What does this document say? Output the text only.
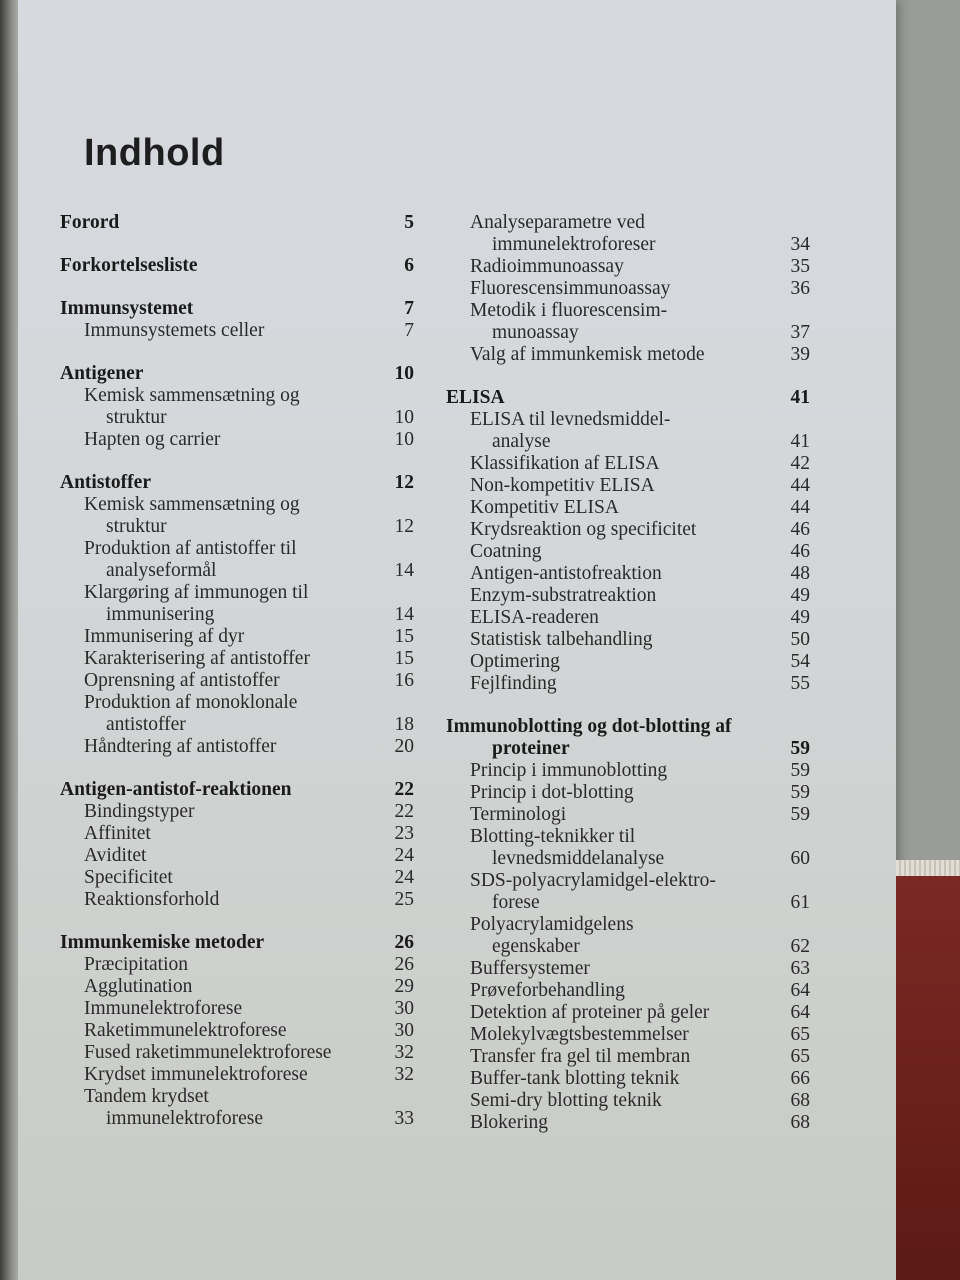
Indhold
Forord	5
Forkortelsesliste	6
Immunsystemet	7
Immunsystemets celler	7
Antigener	10
Kemisk sammensætning og
struktur	10
Hapten og carrier	10
Antistoffer	12
Kemisk sammensætning og
struktur	12
Produktion af antistoffer til
analyseformål	14
Klargøring af immunogen til
immunisering	14
Immunisering af dyr	15
Karakterisering af antistoffer	15
Oprensning af antistoffer	16
Produktion af monoklonale
antistoffer	18
Håndtering af antistoffer	20
Antigen-antistof-reaktionen	22
Bindingstyper	22
Affinitet	23
Aviditet	24
Specificitet	24
Reaktionsforhold	25
Immunkemiske metoder	26
Præcipitation	26
Agglutination	29
Immunelektroforese	30
Raketimmunelektroforese	30
Fused raketimmunelektroforese	32
Krydset immunelektroforese	32
Tandem krydset
immunelektroforese	33
Analyseparametre ved
immunelektroforeser	34
Radioimmunoassay	35
Fluorescensimmunoassay	36
Metodik i fluorescensim-
munoassay	37
Valg af immunkemisk metode	39
ELISA	41
ELISA til levnedsmiddel-
analyse	41
Klassifikation af ELISA	42
Non-kompetitiv ELISA	44
Kompetitiv ELISA	44
Krydsreaktion og specificitet	46
Coatning	46
Antigen-antistofreaktion	48
Enzym-substratreaktion	49
ELISA-readeren	49
Statistisk talbehandling	50
Optimering	54
Fejlfinding	55
Immunoblotting og dot-blotting af
proteiner	59
Princip i immunoblotting	59
Princip i dot-blotting	59
Terminologi	59
Blotting-teknikker til
levnedsmiddelanalyse	60
SDS-polyacrylamidgel-elektro-
forese	61
Polyacrylamidgelens
egenskaber	62
Buffersystemer	63
Prøveforbehandling	64
Detektion af proteiner på geler	64
Molekylvægtsbestemmelser	65
Transfer fra gel til membran	65
Buffer-tank blotting teknik	66
Semi-dry blotting teknik	68
Blokering	68
